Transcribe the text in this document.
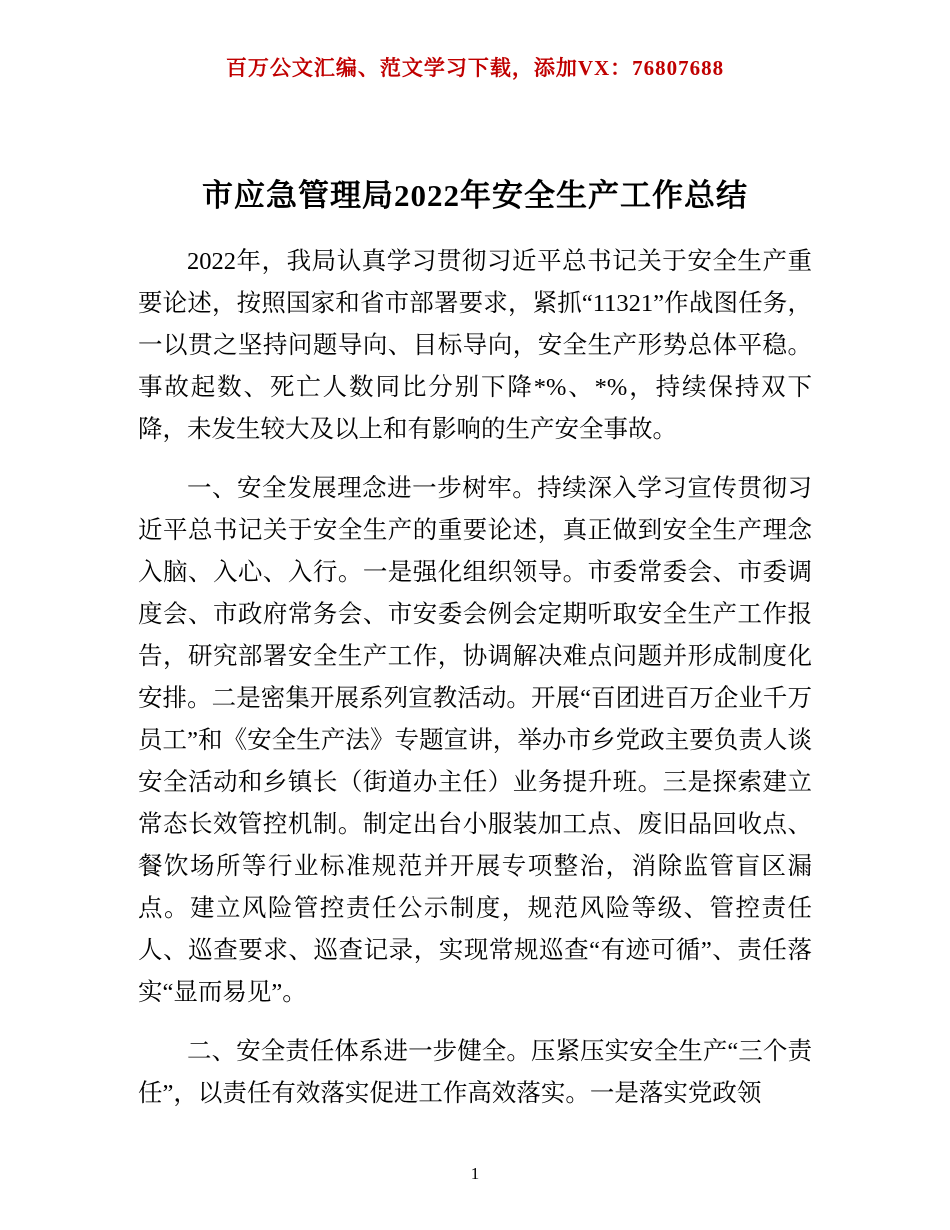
百万公文汇编、范文学习下载，添加VX：76807688
市应急管理局2022年安全生产工作总结

2022年，我局认真学习贯彻习近平总书记关于安全生产重要论述，按照国家和省市部署要求，紧抓“11321”作战图任务，一以贯之坚持问题导向、目标导向，安全生产形势总体平稳。事故起数、死亡人数同比分别下降*%、*%，持续保持双下降，未发生较大及以上和有影响的生产安全事故。

一、安全发展理念进一步树牢。持续深入学习宣传贯彻习近平总书记关于安全生产的重要论述，真正做到安全生产理念入脑、入心、入行。一是强化组织领导。市委常委会、市委调度会、市政府常务会、市安委会例会定期听取安全生产工作报告，研究部署安全生产工作，协调解决难点问题并形成制度化安排。二是密集开展系列宣教活动。开展“百团进百万企业千万员工”和《安全生产法》专题宣讲，举办市乡党政主要负责人谈安全活动和乡镇长（街道办主任）业务提升班。三是探索建立常态长效管控机制。制定出台小服装加工点、废旧品回收点、餐饮场所等行业标准规范并开展专项整治，消除监管盲区漏点。建立风险管控责任公示制度，规范风险等级、管控责任人、巡查要求、巡查记录，实现常规巡查“有迹可循”、责任落实“显而易见”。

二、安全责任体系进一步健全。压紧压实安全生产“三个责任”，以责任有效落实促进工作高效落实。一是落实党政领

1
